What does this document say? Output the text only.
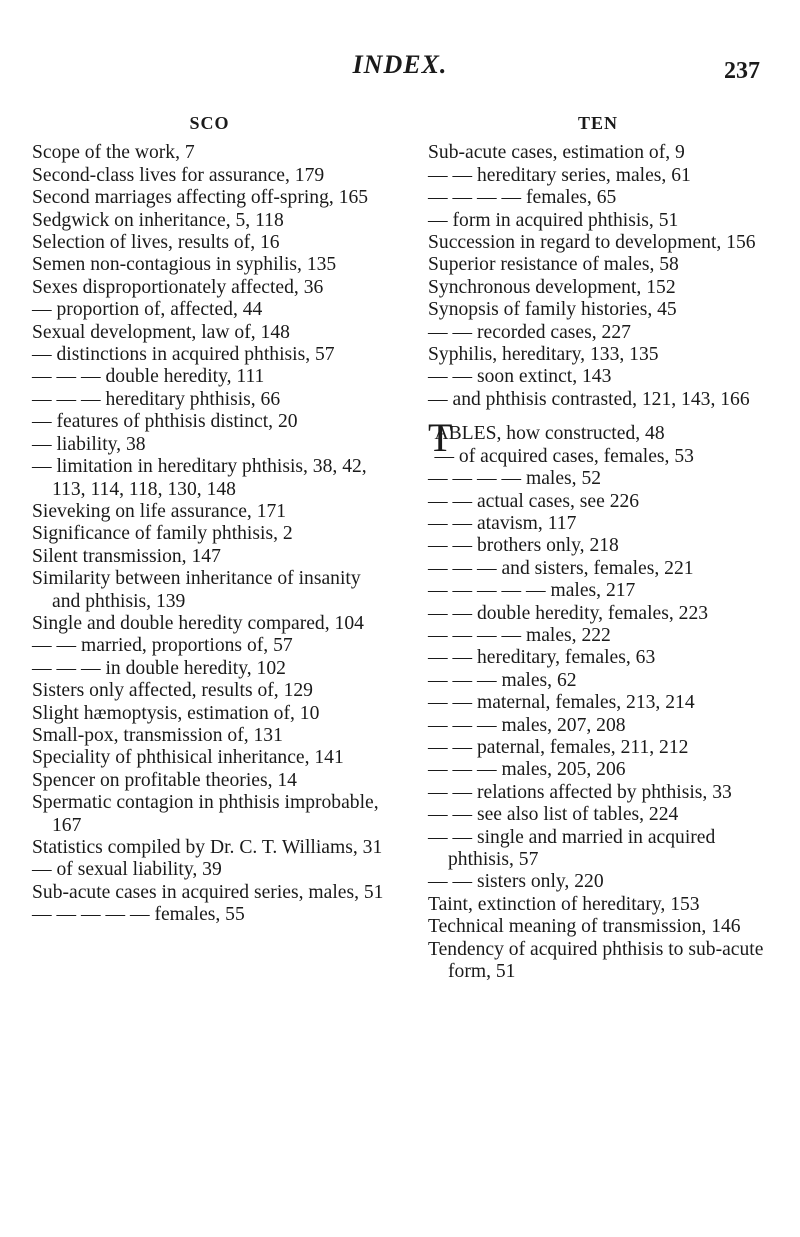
INDEX.	237
SCO

Scope of the work, 7

Second-class lives for assurance, 179

Second marriages affecting off-spring, 165

Sedgwick on inheritance, 5, 118

Selection of lives, results of, 16

Semen non-contagious in syphilis, 135

Sexes disproportionately affected, 36

— proportion of, affected, 44

Sexual development, law of, 148

— distinctions in acquired phthisis, 57

— — — double heredity, 111

— — — hereditary phthisis, 66

— features of phthisis distinct, 20

— liability, 38

— limitation in hereditary phthisis, 38, 42, 113, 114, 118, 130, 148

Sieveking on life assurance, 171

Significance of family phthisis, 2

Silent transmission, 147

Similarity between inheritance of insanity and phthisis, 139

Single and double heredity compared, 104

— — married, proportions of, 57

— — — in double heredity, 102

Sisters only affected, results of, 129

Slight hæmoptysis, estimation of, 10

Small-pox, transmission of, 131

Speciality of phthisical inheritance, 141

Spencer on profitable theories, 14

Spermatic contagion in phthisis improbable, 167

Statistics compiled by Dr. C. T. Williams, 31

— of sexual liability, 39

Sub-acute cases in acquired series, males, 51

— — — — — females, 55

TEN

Sub-acute cases, estimation of, 9

— — hereditary series, males, 61

— — — — females, 65

— form in acquired phthisis, 51

Succession in regard to development, 156

Superior resistance of males, 58

Synchronous development, 152

Synopsis of family histories, 45

— — recorded cases, 227

Syphilis, hereditary, 133, 135

— — soon extinct, 143

— and phthisis contrasted, 121, 143, 166

TABLES, how constructed, 48

— of acquired cases, females, 53

— — — — males, 52

— — actual cases, see 226

— — atavism, 117

— — brothers only, 218

— — — and sisters, females, 221

— — — — — males, 217

— — double heredity, females, 223

— — — — males, 222

— — hereditary, females, 63

— — — males, 62

— — maternal, females, 213, 214

— — — males, 207, 208

— — paternal, females, 211, 212

— — — males, 205, 206

— — relations affected by phthisis, 33

— — see also list of tables, 224

— — single and married in acquired phthisis, 57

— — sisters only, 220

Taint, extinction of hereditary, 153

Technical meaning of transmission, 146

Tendency of acquired phthisis to sub-acute form, 51
